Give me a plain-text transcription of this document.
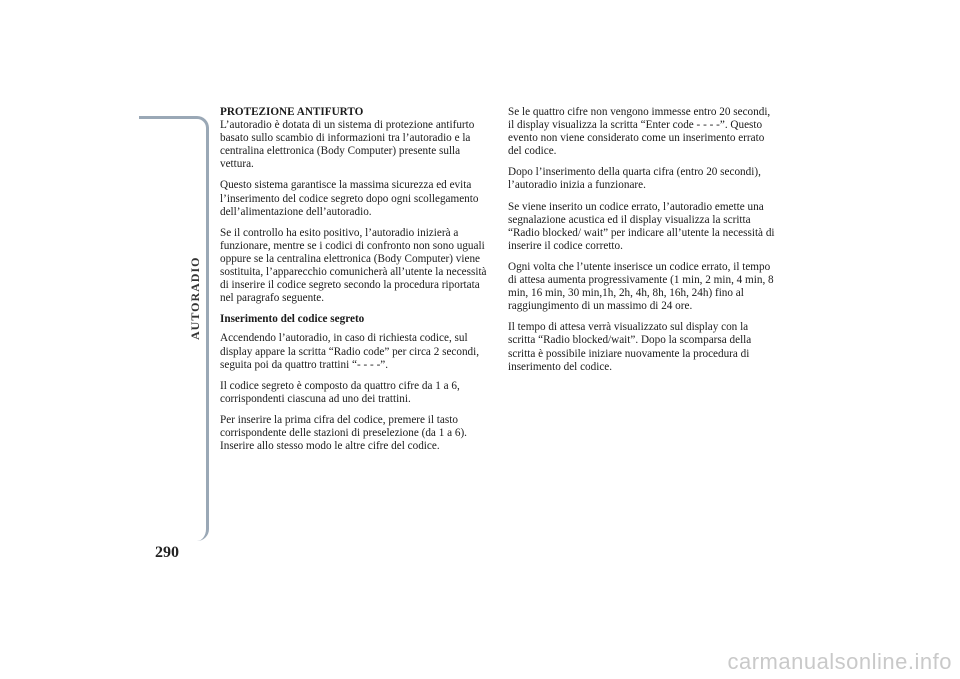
AUTORADIO
290
PROTEZIONE ANTIFURTO

L’autoradio è dotata di un sistema di protezione antifurto basato sullo scambio di informazioni tra l’autoradio e la centralina elettronica (Body Computer) presente sulla vettura.

Questo sistema garantisce la massima sicurezza ed evita l’inserimento del codice segreto dopo ogni scollegamento dell’alimentazione dell’autoradio.

Se il controllo ha esito positivo, l’autoradio inizierà a funzionare, mentre se i codici di confronto non sono uguali oppure se la centralina elettronica (Body Computer) viene sostituita, l’apparecchio comunicherà all’utente la necessità di inserire il codice segreto secondo la procedura riportata nel paragrafo seguente.

Inserimento del codice segreto

Accendendo l’autoradio, in caso di richiesta codice, sul display appare la scritta “Radio code” per circa 2 secondi, seguita poi da quattro trattini “- - - -”.

Il codice segreto è composto da quattro cifre da 1 a 6, corrispondenti ciascuna ad uno dei trattini.

Per inserire la prima cifra del codice, premere il tasto corrispondente delle stazioni di preselezione (da 1 a 6). Inserire allo stesso modo le altre cifre del codice.

Se le quattro cifre non vengono immesse entro 20 secondi, il display visualizza la scritta “Enter code - - - -”. Questo evento non viene considerato come un inserimento errato del codice.

Dopo l’inserimento della quarta cifra (entro 20 secondi), l’autoradio inizia a funzionare.

Se viene inserito un codice errato, l’autoradio emette una segnalazione acustica ed il display visualizza la scritta “Radio blocked/ wait” per indicare all’utente la necessità di inserire il codice corretto.

Ogni volta che l’utente inserisce un codice errato, il tempo di attesa aumenta progressivamente (1 min, 2 min, 4 min, 8 min, 16 min, 30 min,1h, 2h, 4h, 8h, 16h, 24h) fino al raggiungimento di un massimo di 24 ore.

Il tempo di attesa verrà visualizzato sul display con la scritta “Radio blocked/wait”. Dopo la scomparsa della scritta è possibile iniziare nuovamente la procedura di inserimento del codice.

carmanualsonline.info
